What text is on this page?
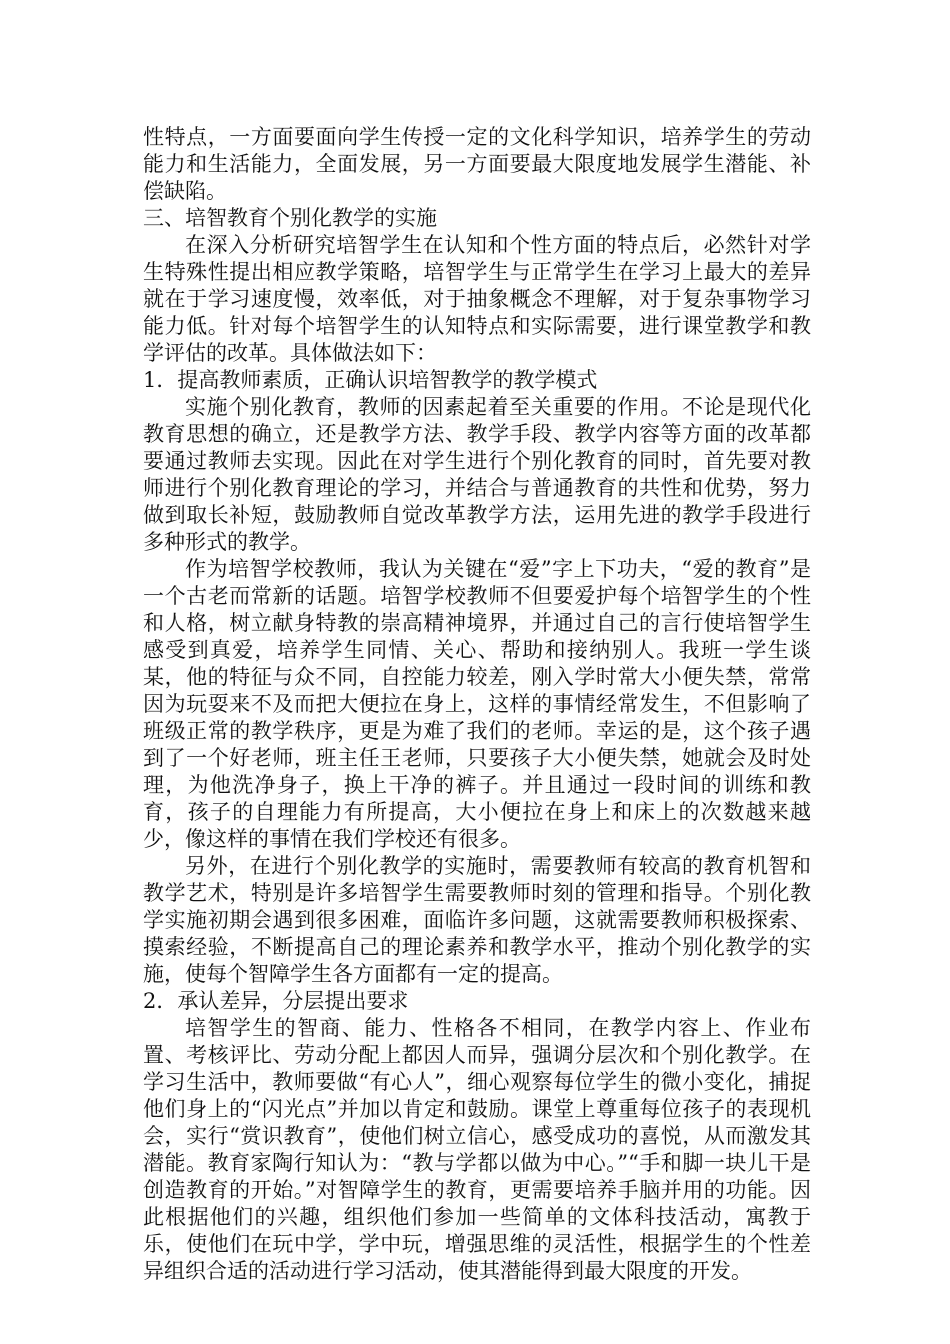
性特点，一方面要面向学生传授一定的文化科学知识，培养学生的劳动能力和生活能力，全面发展，另一方面要最大限度地发展学生潜能、补偿缺陷。

三、培智教育个别化教学的实施

在深入分析研究培智学生在认知和个性方面的特点后，必然针对学生特殊性提出相应教学策略，培智学生与正常学生在学习上最大的差异就在于学习速度慢，效率低，对于抽象概念不理解，对于复杂事物学习能力低。针对每个培智学生的认知特点和实际需要，进行课堂教学和教学评估的改革。具体做法如下：

1．提高教师素质，正确认识培智教学的教学模式

实施个别化教育，教师的因素起着至关重要的作用。不论是现代化教育思想的确立，还是教学方法、教学手段、教学内容等方面的改革都要通过教师去实现。因此在对学生进行个别化教育的同时，首先要对教师进行个别化教育理论的学习，并结合与普通教育的共性和优势，努力做到取长补短，鼓励教师自觉改革教学方法，运用先进的教学手段进行多种形式的教学。

作为培智学校教师，我认为关键在“爱”字上下功夫，“爱的教育”是一个古老而常新的话题。培智学校教师不但要爱护每个培智学生的个性和人格，树立献身特教的崇高精神境界，并通过自己的言行使培智学生感受到真爱，培养学生同情、关心、帮助和接纳别人。我班一学生谈某，他的特征与众不同，自控能力较差，刚入学时常大小便失禁，常常因为玩耍来不及而把大便拉在身上，这样的事情经常发生，不但影响了班级正常的教学秩序，更是为难了我们的老师。幸运的是，这个孩子遇到了一个好老师，班主任王老师，只要孩子大小便失禁，她就会及时处理，为他洗净身子，换上干净的裤子。并且通过一段时间的训练和教育，孩子的自理能力有所提高，大小便拉在身上和床上的次数越来越少，像这样的事情在我们学校还有很多。

另外，在进行个别化教学的实施时，需要教师有较高的教育机智和教学艺术，特别是许多培智学生需要教师时刻的管理和指导。个别化教学实施初期会遇到很多困难，面临许多问题，这就需要教师积极探索、摸索经验，不断提高自己的理论素养和教学水平，推动个别化教学的实施，使每个智障学生各方面都有一定的提高。

2．承认差异，分层提出要求

培智学生的智商、能力、性格各不相同，在教学内容上、作业布置、考核评比、劳动分配上都因人而异，强调分层次和个别化教学。在学习生活中，教师要做“有心人”，细心观察每位学生的微小变化，捕捉他们身上的“闪光点”并加以肯定和鼓励。课堂上尊重每位孩子的表现机会，实行“赏识教育”，使他们树立信心，感受成功的喜悦，从而激发其潜能。教育家陶行知认为：“教与学都以做为中心。”“手和脚一块儿干是创造教育的开始。”对智障学生的教育，更需要培养手脑并用的功能。因此根据他们的兴趣，组织他们参加一些简单的文体科技活动，寓教于乐，使他们在玩中学，学中玩，增强思维的灵活性，根据学生的个性差异组织合适的活动进行学习活动，使其潜能得到最大限度的开发。
